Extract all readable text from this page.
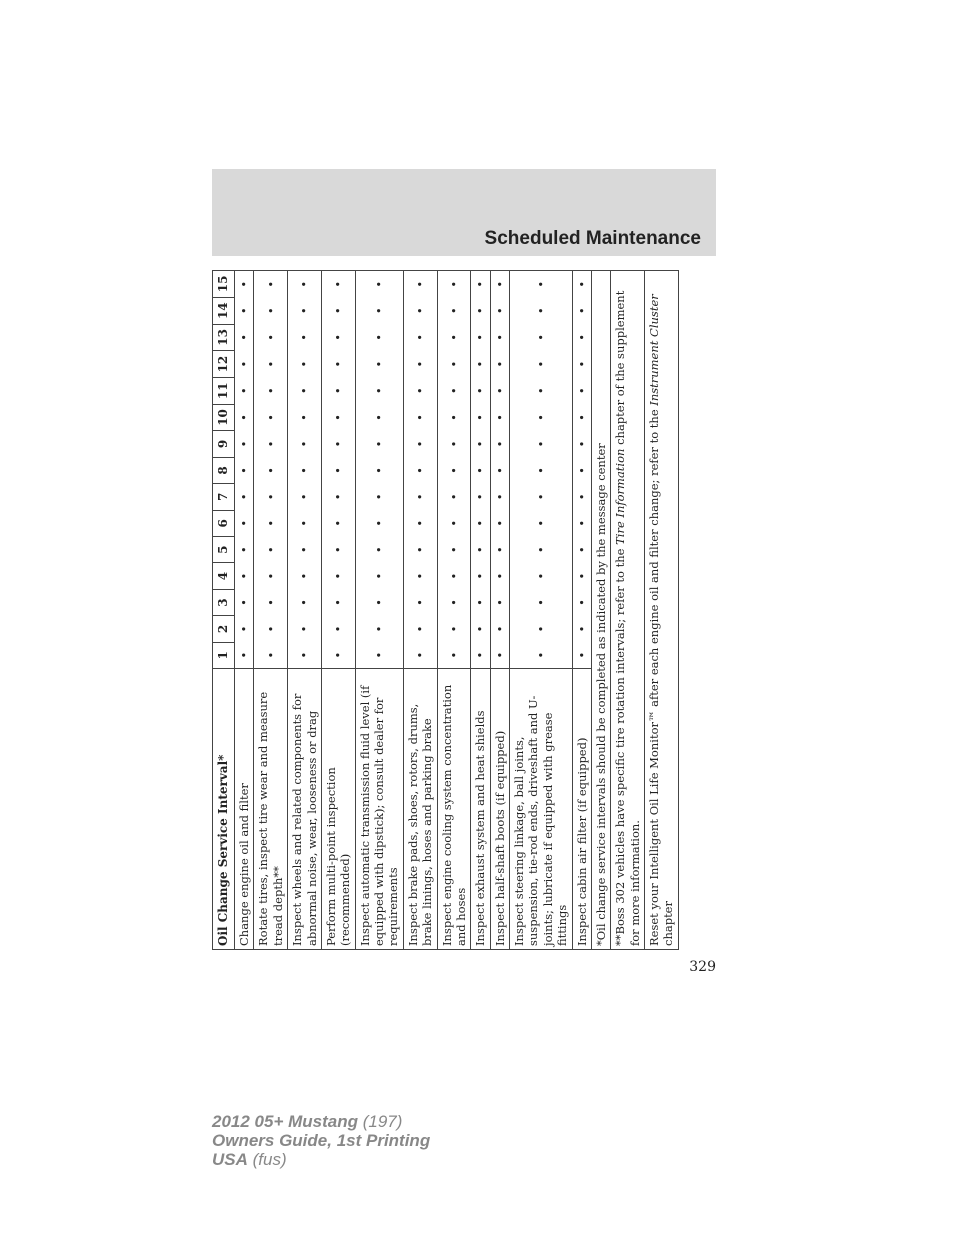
Scheduled Maintenance
Oil Change Service Interval*	1	2	3	4	5	6	7	8	9	10	11	12	13	14	15
Change engine oil and filter	•	•	•	•	•	•	•	•	•	•	•	•	•	•	•
Rotate tires, inspect tire wear and measure tread depth**	•	•	•	•	•	•	•	•	•	•	•	•	•	•	•
Inspect wheels and related components for abnormal noise, wear, looseness or drag	•	•	•	•	•	•	•	•	•	•	•	•	•	•	•
Perform multi-point inspection (recommended)	•	•	•	•	•	•	•	•	•	•	•	•	•	•	•
Inspect automatic transmission fluid level (if equipped with dipstick); consult dealer for requirements	•	•	•	•	•	•	•	•	•	•	•	•	•	•	•
Inspect brake pads, shoes, rotors, drums, brake linings, hoses and parking brake	•	•	•	•	•	•	•	•	•	•	•	•	•	•	•
Inspect engine cooling system concentration and hoses	•	•	•	•	•	•	•	•	•	•	•	•	•	•	•
Inspect exhaust system and heat shields	•	•	•	•	•	•	•	•	•	•	•	•	•	•	•
Inspect half-shaft boots (if equipped)	•	•	•	•	•	•	•	•	•	•	•	•	•	•	•
Inspect steering linkage, ball joints, suspension, tie-rod ends, driveshaft and U-joints; lubricate if equipped with grease fittings	•	•	•	•	•	•	•	•	•	•	•	•	•	•	•
Inspect cabin air filter (if equipped)	•	•	•	•	•	•	•	•	•	•	•	•	•	•	•
*Oil change service intervals should be completed as indicated by the message center															
**Boss 302 vehicles have specific tire rotation intervals; refer to the Tire Information chapter of the supplement for more information.															
Reset your Intelligent Oil Life Monitor™ after each engine oil and filter change; refer to the Instrument Cluster chapter															
329
2012 05+ Mustang (197)
Owners Guide, 1st Printing
USA (fus)
